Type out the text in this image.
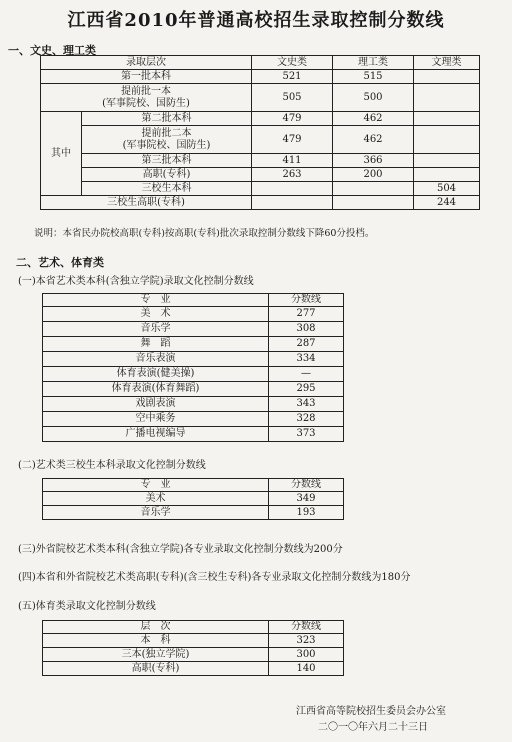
江西省2010年普通高校招生录取控制分数线
一、文史、理工类
录取层次		文史类	理工类	文理类
第一批本科		521	515	

提前批一本
(军事院校、国防生)		505	500	
其中	第二批本科	479	462	

	提前批二本
(军事院校、国防生)	479	462	
	第三批本科	411	366	
	高职(专科)	263	200	
	三校生本科			504
三校生高职(专科)				244
说明：本省民办院校高职(专科)按高职(专科)批次录取控制分数线下降60分投档。
二、艺术、体育类
(一)本省艺术类本科(含独立学院)录取文化控制分数线
专　业	分数线
美　术	277
音乐学	308
舞　蹈	287
音乐表演	334
体育表演(健美操)	—
体育表演(体育舞蹈)	295
戏剧表演	343
空中乘务	328
广播电视编导	373
(二)艺术类三校生本科录取文化控制分数线
专　业	分数线
美术	349
音乐学	193
(三)外省院校艺术类本科(含独立学院)各专业录取文化控制分数线为200分
(四)本省和外省院校艺术类高职(专科)(含三校生专科)各专业录取文化控制分数线为180分
(五)体育类录取文化控制分数线
层　次	分数线
本　科	323
三本(独立学院)	300
高职(专科)	140
江西省高等院校招生委员会办公室
二〇一〇年六月二十三日
